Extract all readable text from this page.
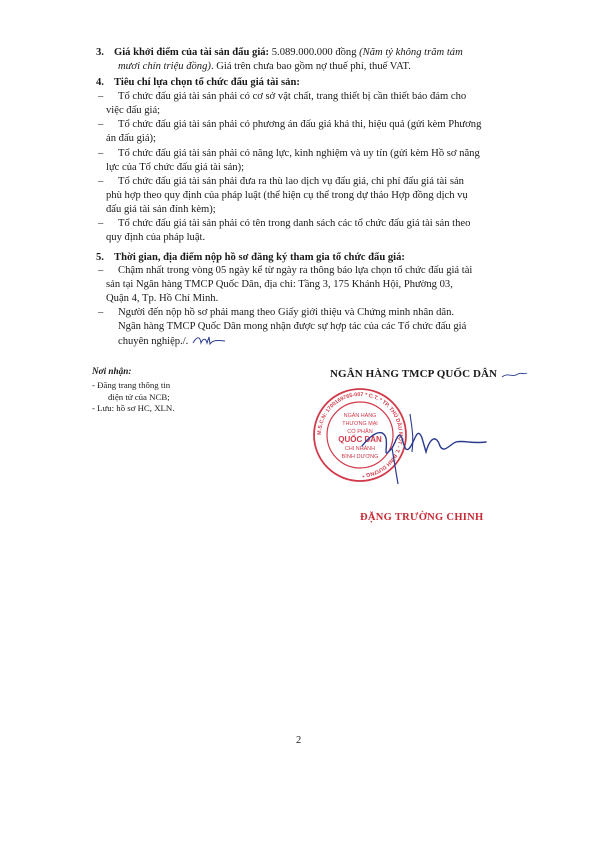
3. Giá khởi điểm của tài sản đấu giá: 5.089.000.000 đồng (Năm tỷ không trăm tám
mươi chín triệu đồng). Giá trên chưa bao gồm nợ thuế phí, thuế VAT.
4. Tiêu chí lựa chọn tổ chức đấu giá tài sản:
– Tổ chức đấu giá tài sản phải có cơ sở vật chất, trang thiết bị cần thiết bảo đảm cho
việc đấu giá;
– Tổ chức đấu giá tài sản phải có phương án đấu giá khả thi, hiệu quả (gửi kèm Phương
án đấu giá);
– Tổ chức đấu giá tài sản phải có năng lực, kinh nghiệm và uy tín (gửi kèm Hồ sơ năng
lực của Tổ chức đấu giá tài sản);
– Tổ chức đấu giá tài sản phải đưa ra thù lao dịch vụ đấu giá, chi phí đấu giá tài sản
phù hợp theo quy định của pháp luật (thể hiện cụ thể trong dự thảo Hợp đồng dịch vụ
đấu giá tài sản đính kèm);
– Tổ chức đấu giá tài sản phải có tên trong danh sách các tổ chức đấu giá tài sản theo
quy định của pháp luật.
5. Thời gian, địa điểm nộp hồ sơ đăng ký tham gia tổ chức đấu giá:
– Chậm nhất trong vòng 05 ngày kể từ ngày ra thông báo lựa chọn tổ chức đấu giá tài
sản tại Ngân hàng TMCP Quốc Dân, địa chỉ: Tầng 3, 175 Khánh Hội, Phường 03,
Quận 4, Tp. Hồ Chí Minh.
– Người đến nộp hồ sơ phải mang theo Giấy giới thiệu và Chứng minh nhân dân.
Ngân hàng TMCP Quốc Dân mong nhận được sự hợp tác của các Tổ chức đấu giá
chuyên nghiệp./.
Nơi nhận:
- Đăng trang thông tin
điện tử của NCB;
- Lưu: hồ sơ HC, XLN.
NGÂN HÀNG TMCP QUỐC DÂN
M.S.C.N: 1700169765-007 * C.T. * TP. THỦ DẦU MỘT - T. BÌNH DƯƠNG *
NGÂN HÀNG
THƯƠNG MẠI
CỔ PHẦN
QUỐC DÂN
CHI NHÁNH
BÌNH DƯƠNG
ĐẶNG TRƯỜNG CHINH
2
